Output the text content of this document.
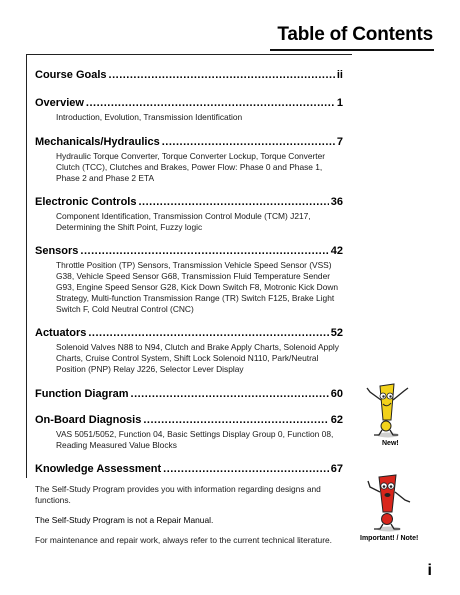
Table of Contents
Course Goals .....	ii
Overview .....	1
Introduction, Evolution, Transmission Identification
Mechanicals/Hydraulics .....	7
Hydraulic Torque Converter, Torque Converter Lockup, Torque Converter Clutch (TCC), Clutches and Brakes, Power Flow: Phase 0 and Phase 1, Phase 2 and Phase 2 ETA
Electronic Controls .....	36
Component Identification, Transmission Control Module (TCM) J217, Determining the Shift Point, Fuzzy logic
Sensors .....	42
Throttle Position (TP) Sensors, Transmission Vehicle Speed Sensor (VSS) G38, Vehicle Speed Sensor G68, Transmission Fluid Temperature Sender G93, Engine Speed Sensor G28, Kick Down Switch F8, Motronic Kick Down Strategy, Multi-function Transmission Range (TR) Switch F125, Brake Light Switch F, Cold Neutral Control (CNC)
Actuators .....	52
Solenoid Valves N88 to N94, Clutch and Brake Apply Charts, Solenoid Apply Charts, Cruise Control System, Shift Lock Solenoid N110, Park/Neutral Position (PNP) Relay J226, Selector Lever Display
Function Diagram .....	60
On-Board Diagnosis .....	62
VAS 5051/5052, Function 04, Basic Settings Display Group 0, Function 08, Reading Measured Value Blocks
Knowledge Assessment .....	67

The Self-Study Program provides you with information regarding designs and functions.

The Self-Study Program is not a Repair Manual.

For maintenance and repair work, always refer to the current technical literature.

New!
Important! / Note!
i
